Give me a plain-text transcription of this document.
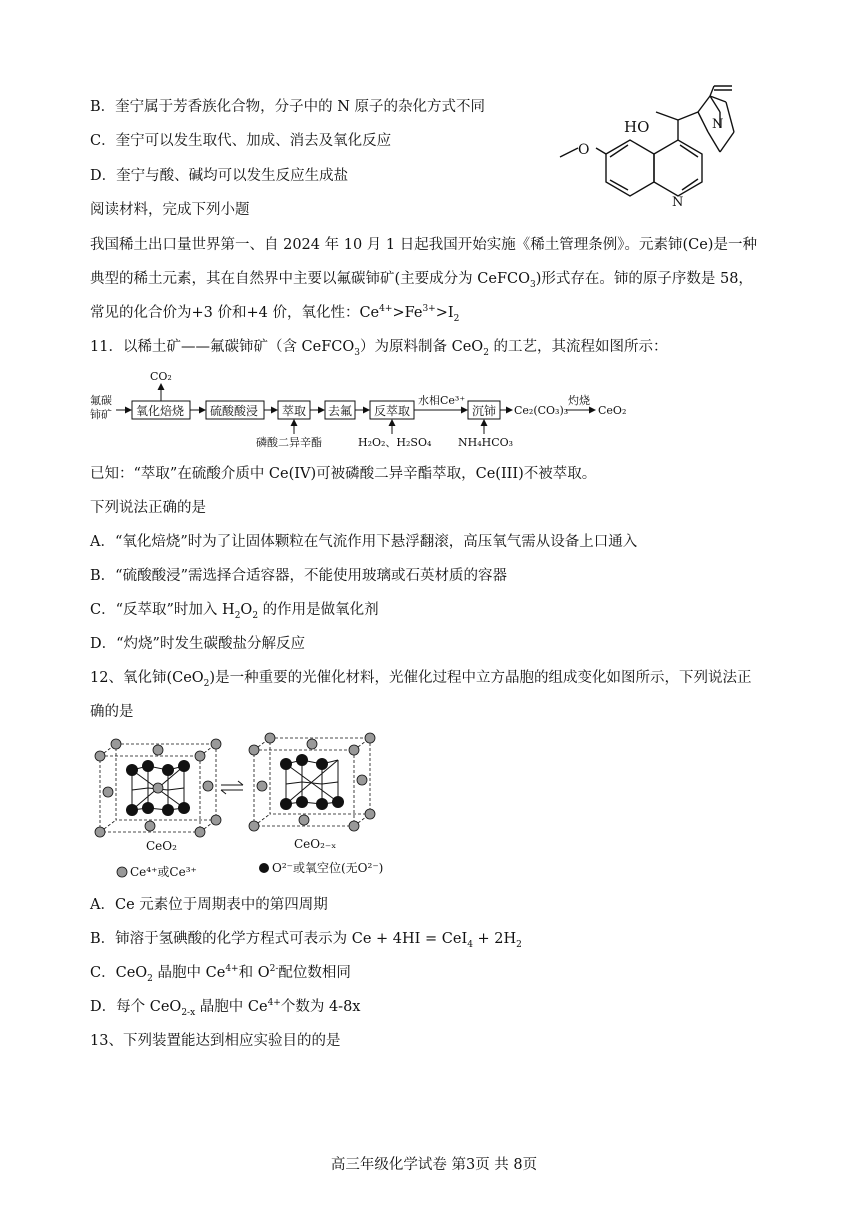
B．奎宁属于芳香族化合物，分子中的 N 原子的杂化方式不同
C．奎宁可以发生取代、加成、消去及氧化反应
D．奎宁与酸、碱均可以发生反应生成盐
O
HO
N
N
阅读材料，完成下列小题
我国稀土出口量世界第一、自 2024 年 10 月 1 日起我国开始实施《稀土管理条例》。元素铈(Ce)是一种
典型的稀土元素，其在自然界中主要以氟碳铈矿(主要成分为 CeFCO$_3$)形式存在。铈的原子序数是 58，
常见的化合价为+3 价和+4 价，氧化性：$Ce^{4+}>Fe^{3+}>I_2$
11．以稀土矿——氟碳铈矿（含 CeFCO$_3$）为原料制备 CeO$_2$ 的工艺，其流程如图所示：
氟碳
铈矿
CO₂
氧化焙烧 硫酸酸浸 萃取 去氟 反萃取
水相Ce³⁺
沉铈 Ce₂(CO₃)₃
灼烧
CeO₂
磷酸二异辛酯	H₂O₂、H₂SO₄ NH₄HCO₃
已知：“萃取”在硫酸介质中 Ce(IV)可被磷酸二异辛酯萃取，Ce(III)不被萃取。
下列说法正确的是
A．“氧化焙烧”时为了让固体颗粒在气流作用下悬浮翻滚，高压氧气需从设备上口通入
B．“硫酸酸浸”需选择合适容器，不能使用玻璃或石英材质的容器
C．“反萃取”时加入 $H_2O_2$ 的作用是做氧化剂
D．“灼烧”时发生碳酸盐分解反应
12、氧化铈(CeO$_2$)是一种重要的光催化材料，光催化过程中立方晶胞的组成变化如图所示，下列说法正
确的是
CeO₂	CeO₂₋ₓ
Ce⁴⁺或Ce³⁺	O²⁻或氧空位(无O²⁻)
A．Ce 元素位于周期表中的第四周期
B．铈溶于氢碘酸的化学方程式可表示为 $Ce + 4HI = CeI_4 + 2H_2$
C．CeO$_2$ 晶胞中 $Ce^{4+}$和 $O^{2-}$配位数相同
D．每个 CeO$_{2-x}$ 晶胞中 $Ce^{4+}$个数为 4-8x
13、下列装置能达到相应实验目的的是
高三年级化学试卷 第3页 共 8页
